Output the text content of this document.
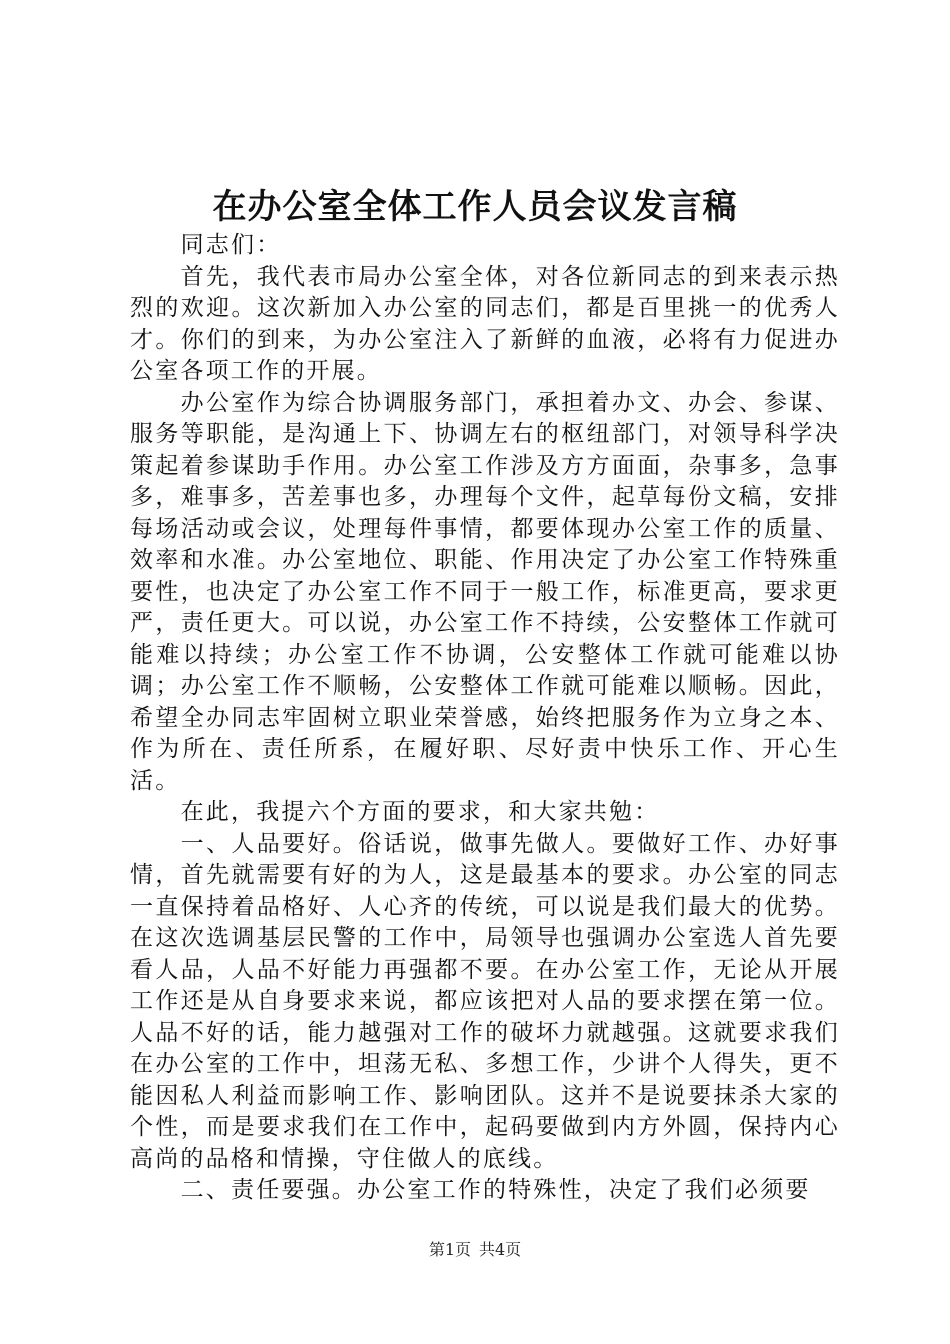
在办公室全体工作人员会议发言稿

同志们：

首先，我代表市局办公室全体，对各位新同志的到来表示热烈的欢迎。这次新加入办公室的同志们，都是百里挑一的优秀人才。你们的到来，为办公室注入了新鲜的血液，必将有力促进办公室各项工作的开展。

办公室作为综合协调服务部门，承担着办文、办会、参谋、服务等职能，是沟通上下、协调左右的枢纽部门，对领导科学决策起着参谋助手作用。办公室工作涉及方方面面，杂事多，急事多，难事多，苦差事也多，办理每个文件，起草每份文稿，安排每场活动或会议，处理每件事情，都要体现办公室工作的质量、效率和水准。办公室地位、职能、作用决定了办公室工作特殊重要性，也决定了办公室工作不同于一般工作，标准更高，要求更严，责任更大。可以说，办公室工作不持续，公安整体工作就可能难以持续；办公室工作不协调，公安整体工作就可能难以协调；办公室工作不顺畅，公安整体工作就可能难以顺畅。因此，希望全办同志牢固树立职业荣誉感，始终把服务作为立身之本、作为所在、责任所系，在履好职、尽好责中快乐工作、开心生活。

在此，我提六个方面的要求，和大家共勉：

一、人品要好。俗话说，做事先做人。要做好工作、办好事情，首先就需要有好的为人，这是最基本的要求。办公室的同志一直保持着品格好、人心齐的传统，可以说是我们最大的优势。在这次选调基层民警的工作中，局领导也强调办公室选人首先要看人品，人品不好能力再强都不要。在办公室工作，无论从开展工作还是从自身要求来说，都应该把对人品的要求摆在第一位。人品不好的话，能力越强对工作的破坏力就越强。这就要求我们在办公室的工作中，坦荡无私、多想工作，少讲个人得失，更不能因私人利益而影响工作、影响团队。这并不是说要抹杀大家的个性，而是要求我们在工作中，起码要做到内方外圆，保持内心高尚的品格和情操，守住做人的底线。

二、责任要强。办公室工作的特殊性，决定了我们必须要

第1页 共4页
